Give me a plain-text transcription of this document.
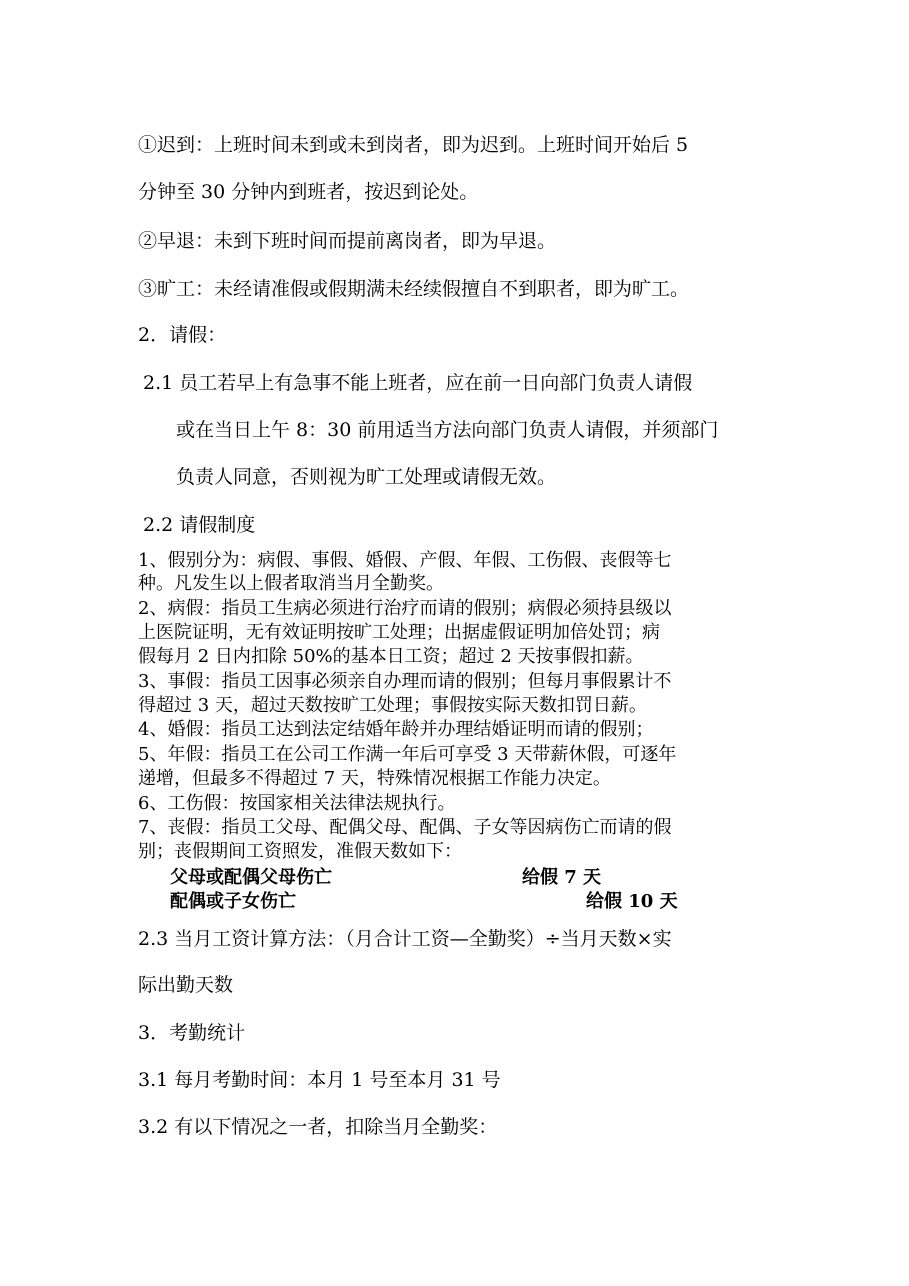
①迟到：上班时间未到或未到岗者，即为迟到。上班时间开始后 5
分钟至 30 分钟内到班者，按迟到论处。
②早退：未到下班时间而提前离岗者，即为早退。
③旷工：未经请准假或假期满未经续假擅自不到职者，即为旷工。
2．请假：
2.1 员工若早上有急事不能上班者，应在前一日向部门负责人请假
或在当日上午 8：30 前用适当方法向部门负责人请假，并须部门
负责人同意，否则视为旷工处理或请假无效。
2.2 请假制度
1、假别分为：病假、事假、婚假、产假、年假、工伤假、丧假等七
种。凡发生以上假者取消当月全勤奖。
2、病假：指员工生病必须进行治疗而请的假别；病假必须持县级以
上医院证明，无有效证明按旷工处理；出据虚假证明加倍处罚；病
假每月 2 日内扣除 50%的基本日工资；超过 2 天按事假扣薪。
3、事假：指员工因事必须亲自办理而请的假别；但每月事假累计不
得超过 3 天，超过天数按旷工处理；事假按实际天数扣罚日薪。
4、婚假：指员工达到法定结婚年龄并办理结婚证明而请的假别；
5、年假：指员工在公司工作满一年后可享受 3 天带薪休假，可逐年
递增，但最多不得超过 7 天，特殊情况根据工作能力决定。
6、工伤假：按国家相关法律法规执行。
7、丧假：指员工父母、配偶父母、配偶、子女等因病伤亡而请的假
别；丧假期间工资照发，准假天数如下：
父母或配偶父母伤亡	给假 7 天
配偶或子女伤亡	给假 10 天
2.3 当月工资计算方法：（月合计工资—全勤奖）÷当月天数×实
际出勤天数
3．考勤统计
3.1 每月考勤时间：本月 1 号至本月 31 号
3.2 有以下情况之一者，扣除当月全勤奖：
